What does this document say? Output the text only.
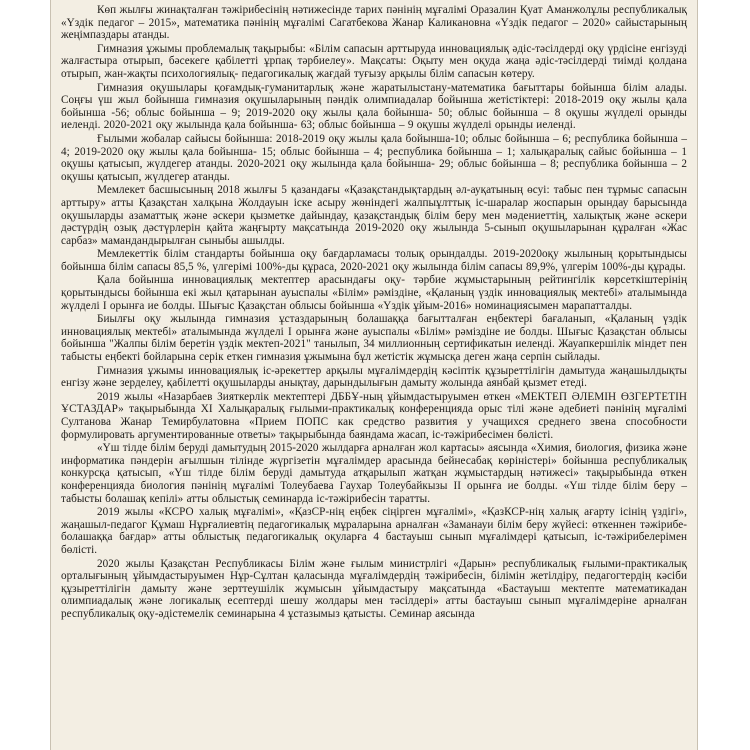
Көп жылғы жинақталған тәжірибесінің нәтижесінде тарих пәнінің мұғалімі Оразалин Қуат Аманжолұлы республикалық «Үздік педагог – 2015», математика пәнінің мұғалімі Сагатбекова Жанар Каликановна «Үздік педагог – 2020» сайыстарының жеңімпаздары атанды.

Гимназия ұжымы проблемалық тақырыбы: «Білім сапасын арттыруда инновациялық әдіс-тәсілдерді оқу үрдісіне енгізуді жалғастыра отырып, бәсекеге қабілетті ұрпақ тәрбиелеу». Мақсаты: Оқыту мен оқуда жаңа әдіс-тәсілдерді тиімді қолдана отырып, жан-жақты психологиялық- педагогикалық жағдай туғызу арқылы білім сапасын көтеру.

Гимназия оқушылары қоғамдық-гуманитарлық және жаратылыстану-математика бағыттары бойынша білім алады. Соңғы үш жыл бойынша гимназия оқушыларының пәндік олимпиадалар бойынша жетістіктері: 2018-2019 оқу жылы қала бойынша -56; облыс бойынша – 9; 2019-2020 оқу жылы қала бойынша- 50; облыс бойынша – 8 оқушы жүлделі орынды иеленді. 2020-2021 оқу жылында қала бойынша- 63; облыс бойынша – 9 оқушы жүлделі орынды иеленді.

Ғылыми жобалар сайысы бойынша: 2018-2019 оқу жылы қала бойынша-10; облыс бойынша – 6; республика бойынша – 4; 2019-2020 оқу жылы қала бойынша- 15; облыс бойынша – 4; республика бойынша – 1; халықаралық сайыс бойынша – 1 оқушы қатысып, жүлдегер атанды. 2020-2021 оқу жылында қала бойынша- 29; облыс бойынша – 8; республика бойынша – 2 оқушы қатысып, жүлдегер атанды.

Мемлекет басшысының 2018 жылғы 5 қазандағы «Қазақстандықтардың әл-ауқатының өсуі: табыс пен тұрмыс сапасын арттыру» атты Қазақстан халқына Жолдауын іске асыру жөніндегі жалпыұлттық іс-шаралар жоспарын орындау барысында оқушыларды азаматтық және әскери қызметке дайындау, қазақстандық білім беру мен мәдениеттің, халықтық және әскери дәстүрдің озық дәстүрлерін қайта жаңғырту мақсатында 2019-2020 оқу жылында 5-сынып оқушыларынан құралған «Жас сарбаз» мамандандырылған сыныбы ашылды.

Мемлекеттік білім стандарты бойынша оқу бағдарламасы толық орындалды. 2019-2020оқу жылының қорытындысы бойынша білім сапасы 85,5 %, үлгерімі 100%-ды құраса, 2020-2021 оқу жылында білім сапасы 89,9%, үлгерім 100%-ды құрады.

Қала бойынша инновациялық мектептер арасындағы оқу- тәрбие жұмыстарының рейтингілік көрсеткіштерінің қорытындысы бойынша екі жыл қатарынан ауыспалы «Білім» рәміздіне, «Қаланың үздік инновациялық мектебі» аталымында жүлделі І орынға ие болды. Шығыс Қазақстан облысы бойынша «Үздік ұйым-2016» номинациясымен марапатталды.

Биылғы оқу жылында гимназия ұстаздарының болашаққа бағытталған еңбектері бағаланып, «Қаланың үздік инновациялық мектебі» аталымында жүлделі І орынға және ауыспалы «Білім» рәміздіне ие болды. Шығыс Қазақстан облысы бойынша "Жалпы білім беретін үздік мектеп-2021" танылып, 34 миллионның сертификатын иеленді. Жауапкершілік міндет пен табысты еңбекті бойларына серік еткен гимназия ұжымына бұл жетістік жұмысқа деген жаңа серпін сыйлады.

Гимназия ұжымы инновациялық іс-әрекеттер арқылы мұғалімдердің кәсіптік құзыреттілігін дамытуда жаңашылдықты енгізу және зерделеу, қабілетті оқушыларды анықтау, дарындылығын дамыту жолында аянбай қызмет етеді.

2019 жылы «Назарбаев Зияткерлік мектептері ДББҰ-ның ұйымдастыруымен өткен «МЕКТЕП ӘЛЕМІН ӨЗГЕРТЕТІН ҰСТАЗДАР» тақырыбында XI Халықаралық ғылыми-практикалық конференцияда орыс тілі және әдебиеті пәнінің мұғалімі Султанова Жанар Темирбулатовна «Прием ПОПС как средство развития у учащихся среднего звена способности формулировать аргументированные ответы» тақырыбында баяндама жасап, іс-тәжірибесімен бөлісті.

«Үш тілде білім беруді дамытудың 2015-2020 жылдарға арналған жол картасы» аясында «Химия, биология, физика және информатика пәндерін ағылшын тілінде жүргізетін мұғалімдер арасында бейнесабақ көріністері» бойынша республикалық конкурсқа қатысып, «Үш тілде білім беруді дамытуда атқарылып жатқан жұмыстардың нәтижесі» тақырыбында өткен конференцияда биология пәнінің мұғалімі Толеубаева Гаухар Толеубайкызы ІІ орынға ие болды. «Үш тілде білім беру – табысты болашақ кепілі» атты облыстық семинарда іс-тәжірибесін таратты.

2019 жылы «КСРО халық мұғалімі», «ҚазСР-нің еңбек сіңірген мұғалімі», «ҚазКСР-нің халық ағарту ісінің үздігі», жаңашыл-педагог Құмаш Нұрғалиевтің педагогикалық мұраларына арналған «Заманауи білім беру жүйесі: өткеннен тәжірибе-болашаққа бағдар» атты облыстық педагогикалық оқуларға 4 бастауыш сынып мұғалімдері қатысып, іс-тәжірибелерімен бөлісті.

2020 жылы Қазақстан Республикасы Білім және ғылым министрлігі «Дарын» республикалық ғылыми-практикалық орталығының ұйымдастыруымен Нұр-Сұлтан қаласында мұғалімдердің тәжірибесін, білімін жетілдіру, педагогтердің кәсіби құзыреттілігін дамыту және зерттеушілік жұмысын ұйымдастыру мақсатында «Бастауыш мектепте математикадан олимпиадалық және логикалық есептерді шешу жолдары мен тәсілдері» атты бастауыш сынып мұғалімдеріне арналған республикалық оқу-әдістемелік семинарына 4 ұстазымыз қатысты. Семинар аясында
